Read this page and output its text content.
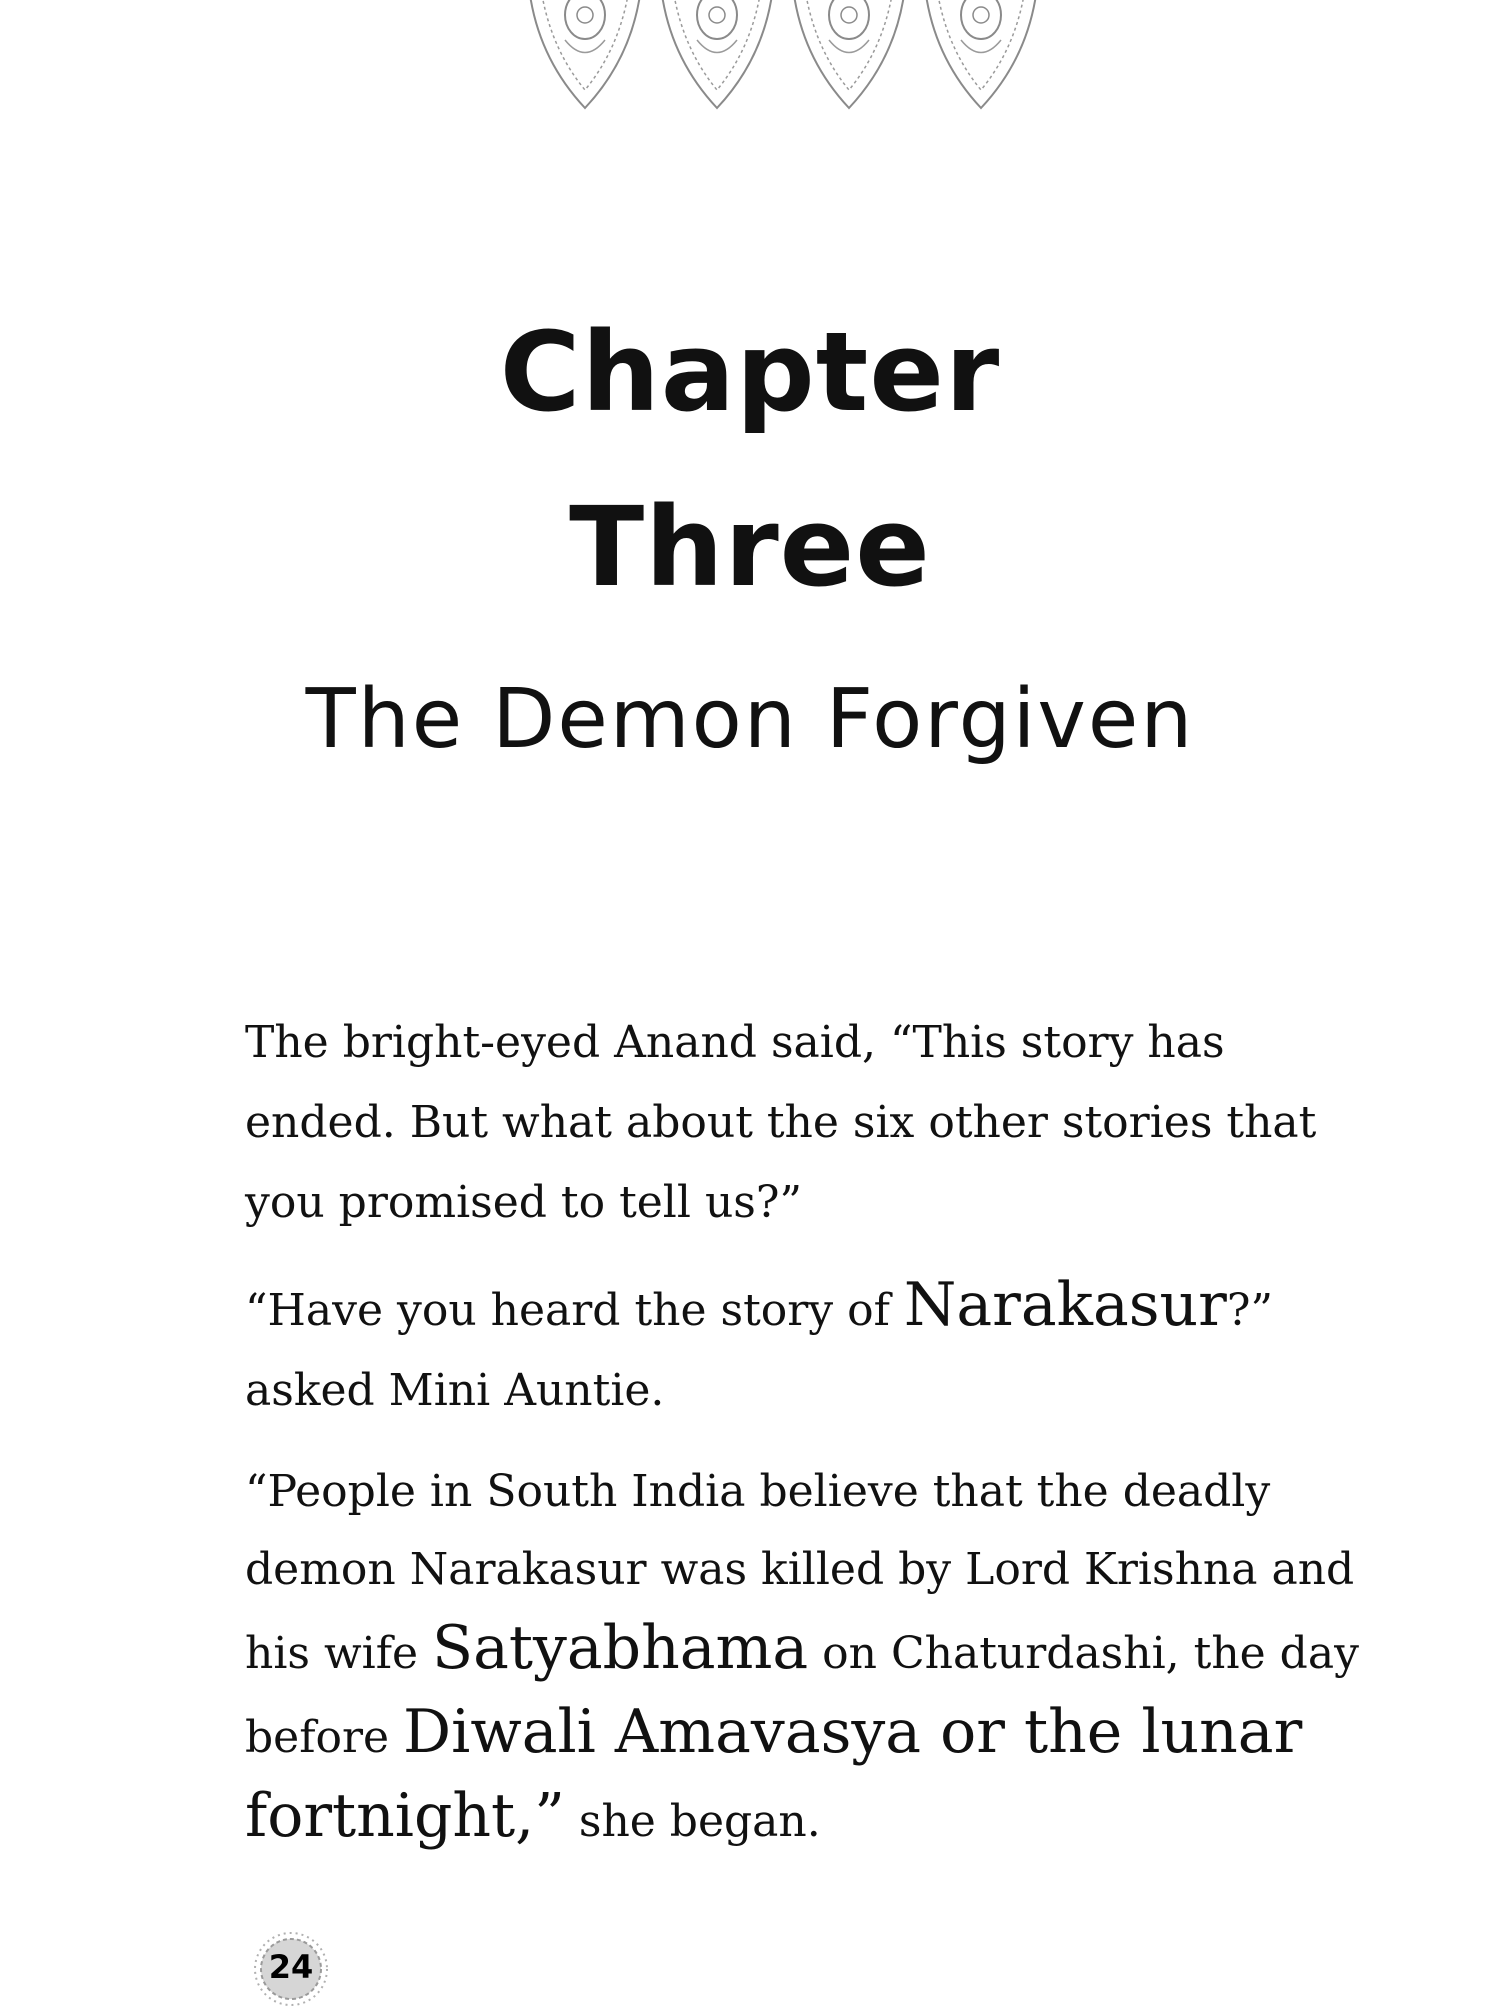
Chapter
Three
The Demon Forgiven

The bright-eyed Anand said, “This story has ended. But what about the six other stories that you promised to tell us?”

“Have you heard the story of Narakasur?” asked Mini Auntie.

“People in South India believe that the deadly demon Narakasur was killed by Lord Krishna and his wife Satyabhama on Chaturdashi, the day before Diwali Amavasya or the lunar fortnight,” she began.

24
